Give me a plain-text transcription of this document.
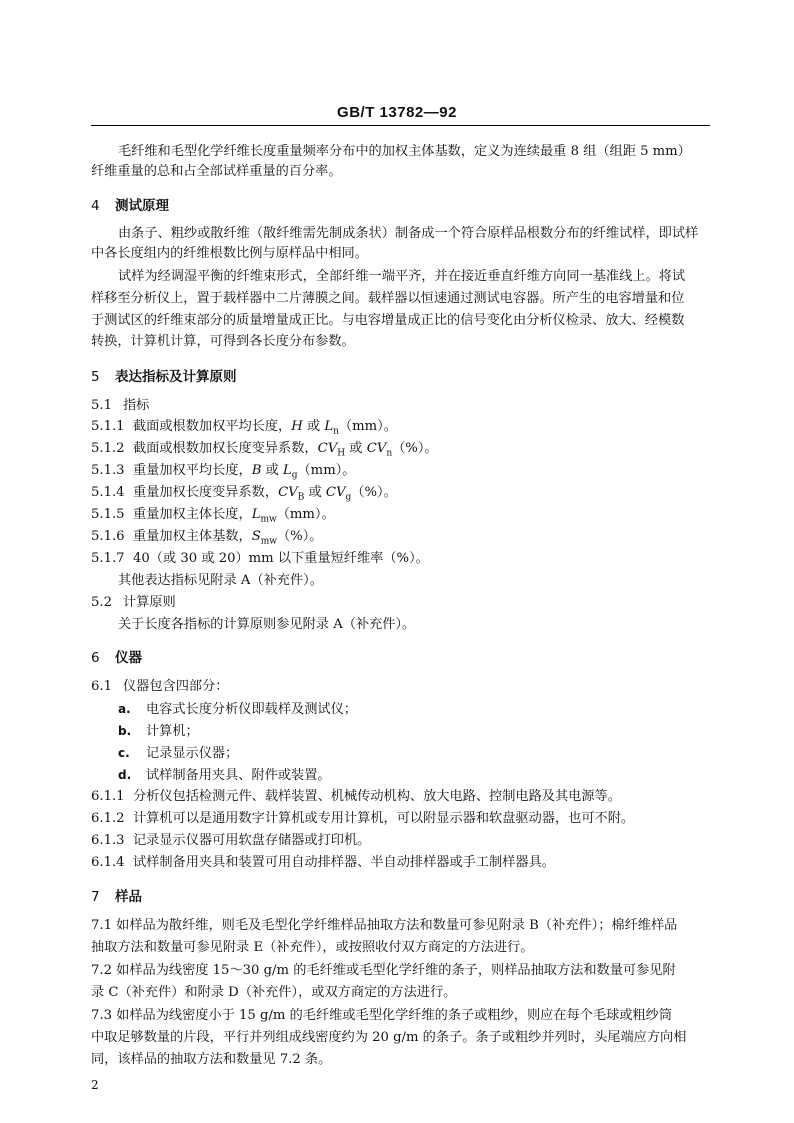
GB/T 13782—92
毛纤维和毛型化学纤维长度重量频率分布中的加权主体基数，定义为连续最重 8 组（组距 5 mm）
纤维重量的总和占全部试样重量的百分率。
4 测试原理
由条子、粗纱或散纤维（散纤维需先制成条状）制备成一个符合原样品根数分布的纤维试样，即试样
中各长度组内的纤维根数比例与原样品中相同。
试样为经调湿平衡的纤维束形式，全部纤维一端平齐，并在接近垂直纤维方向同一基准线上。将试
样移至分析仪上，置于载样器中二片薄膜之间。载样器以恒速通过测试电容器。所产生的电容增量和位
于测试区的纤维束部分的质量增量成正比。与电容增量成正比的信号变化由分析仪检录、放大、经模数
转换，计算机计算，可得到各长度分布参数。
5 表达指标及计算原则
5.1 指标
5.1.1 截面或根数加权平均长度，H 或 $L_n(mm)$。
5.1.2 截面或根数加权长度变异系数，$CV_H$ 或 $CV_n(\%)$。
5.1.3 重量加权平均长度，B 或 $L_g(mm)$。
5.1.4 重量加权长度变异系数，$CV_B$ 或 $CV_g(\%)$。
5.1.5 重量加权主体长度，$L_{mw}(mm)$。
5.1.6 重量加权主体基数，$S_{mw}(\%)$。
5.1.7 40（或 30 或 20）mm 以下重量短纤维率（%）。
其他表达指标见附录 A（补充件）。
5.2 计算原则
关于长度各指标的计算原则参见附录 A（补充件）。
6 仪器
6.1 仪器包含四部分：
a. 电容式长度分析仪即载样及测试仪；
b. 计算机；
c. 记录显示仪器；
d. 试样制备用夹具、附件或装置。
6.1.1 分析仪包括检测元件、载样装置、机械传动机构、放大电路、控制电路及其电源等。
6.1.2 计算机可以是通用数字计算机或专用计算机，可以附显示器和软盘驱动器，也可不附。
6.1.3 记录显示仪器可用软盘存储器或打印机。
6.1.4 试样制备用夹具和装置可用自动排样器、半自动排样器或手工制样器具。
7 样品
7.1 如样品为散纤维，则毛及毛型化学纤维样品抽取方法和数量可参见附录 B（补充件）；棉纤维样品
抽取方法和数量可参见附录 E（补充件），或按照收付双方商定的方法进行。
7.2 如样品为线密度 15～30 g/m 的毛纤维或毛型化学纤维的条子，则样品抽取方法和数量可参见附
录 C（补充件）和附录 D（补充件），或双方商定的方法进行。
7.3 如样品为线密度小于 15 g/m 的毛纤维或毛型化学纤维的条子或粗纱，则应在每个毛球或粗纱筒
中取足够数量的片段，平行并列组成线密度约为 20 g/m 的条子。条子或粗纱并列时，头尾端应方向相
同，该样品的抽取方法和数量见 7.2 条。
2
